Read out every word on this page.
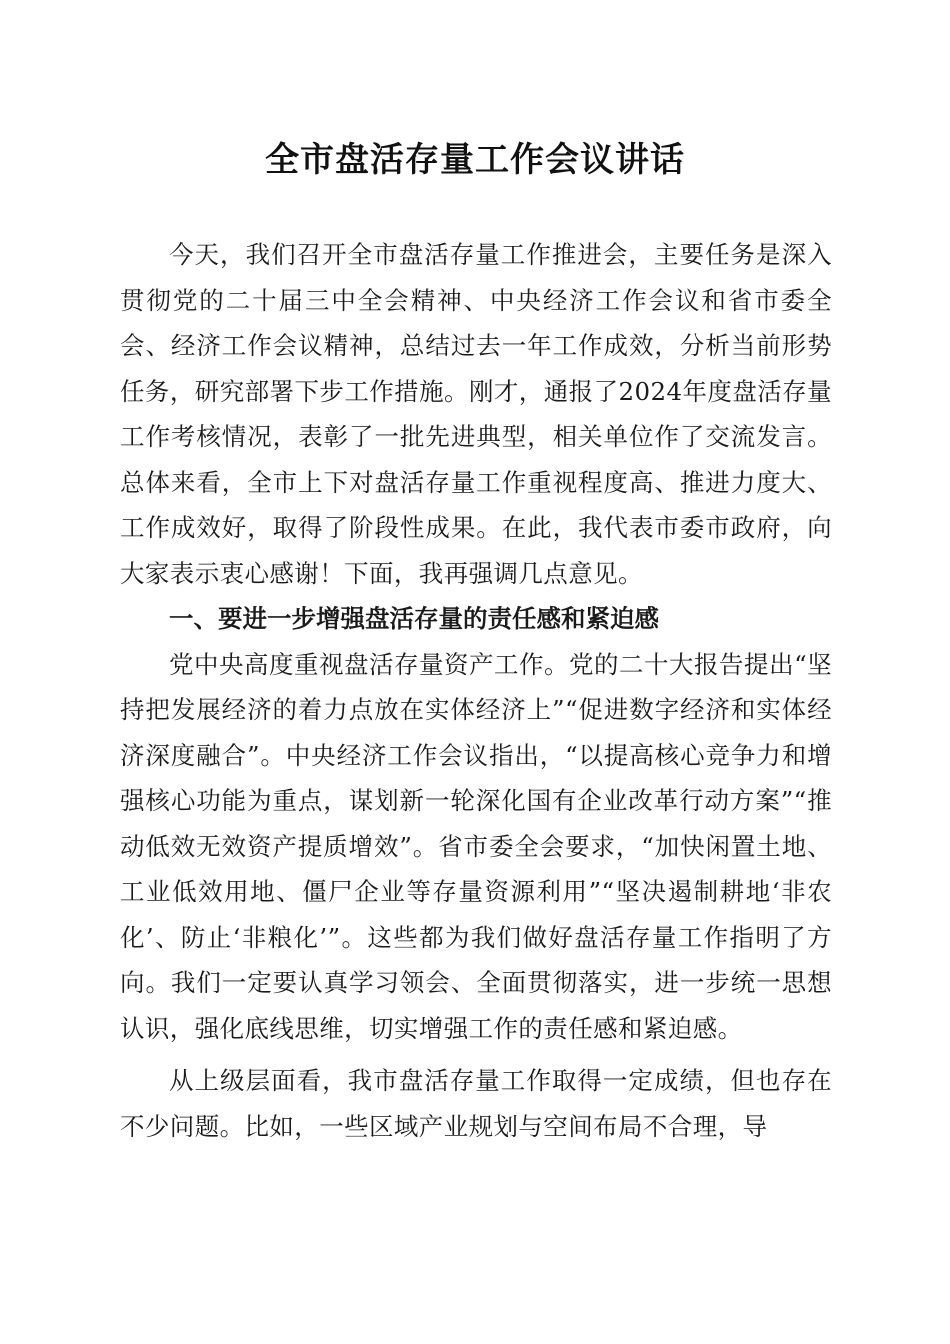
全市盘活存量工作会议讲话

今天，我们召开全市盘活存量工作推进会，主要任务是深入贯彻党的二十届三中全会精神、中央经济工作会议和省市委全会、经济工作会议精神，总结过去一年工作成效，分析当前形势任务，研究部署下步工作措施。刚才，通报了2024年度盘活存量工作考核情况，表彰了一批先进典型，相关单位作了交流发言。总体来看，全市上下对盘活存量工作重视程度高、推进力度大、工作成效好，取得了阶段性成果。在此，我代表市委市政府，向大家表示衷心感谢！下面，我再强调几点意见。

一、要进一步增强盘活存量的责任感和紧迫感

党中央高度重视盘活存量资产工作。党的二十大报告提出“坚持把发展经济的着力点放在实体经济上”“促进数字经济和实体经济深度融合”。中央经济工作会议指出，“以提高核心竞争力和增强核心功能为重点，谋划新一轮深化国有企业改革行动方案”“推动低效无效资产提质增效”。省市委全会要求，“加快闲置土地、工业低效用地、僵尸企业等存量资源利用”“坚决遏制耕地‘非农化’、防止‘非粮化’”。这些都为我们做好盘活存量工作指明了方向。我们一定要认真学习领会、全面贯彻落实，进一步统一思想认识，强化底线思维，切实增强工作的责任感和紧迫感。

从上级层面看，我市盘活存量工作取得一定成绩，但也存在不少问题。比如，一些区域产业规划与空间布局不合理，导
